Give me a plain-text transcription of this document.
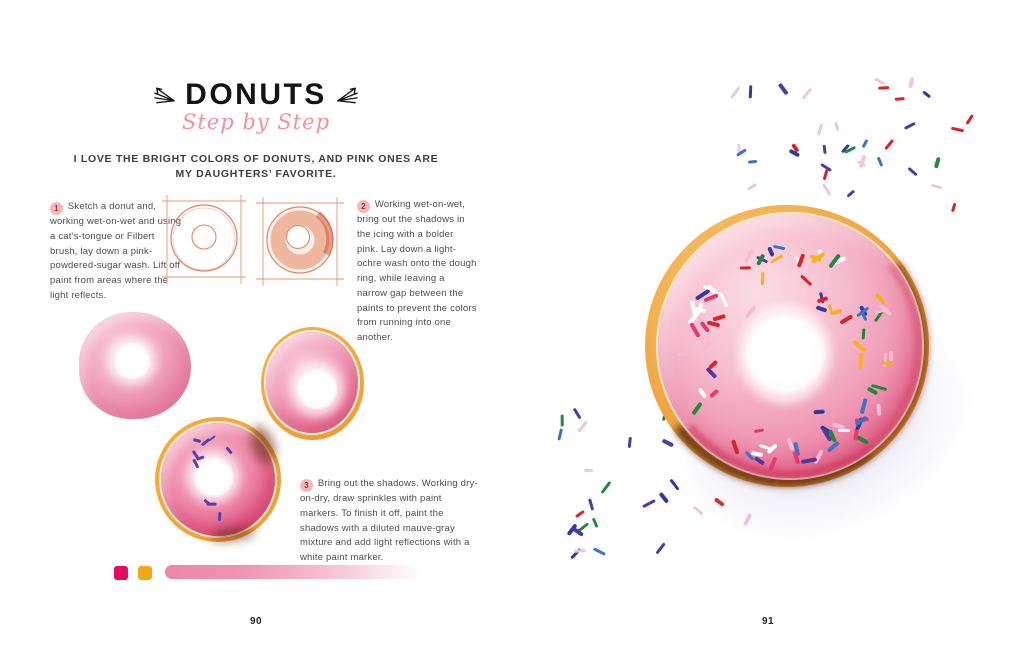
DONUTS
Step by Step

I LOVE THE BRIGHT COLORS OF DONUTS, AND PINK ONES ARE MY DAUGHTERS’ FAVORITE.

1 Sketch a donut and, working wet-on-wet and using a cat’s-tongue or Filbert brush, lay down a pink-powdered-sugar wash. Lift off paint from areas where the light reflects.

2 Working wet-on-wet, bring out the shadows in the icing with a bolder pink. Lay down a light-ochre wash onto the dough ring, while leaving a narrow gap between the paints to prevent the colors from running into one another.

3 Bring out the shadows. Working dry-on-dry, draw sprinkles with paint markers. To finish it off, paint the shadows with a diluted mauve-gray mixture and add light reflections with a white paint marker.

90	91
